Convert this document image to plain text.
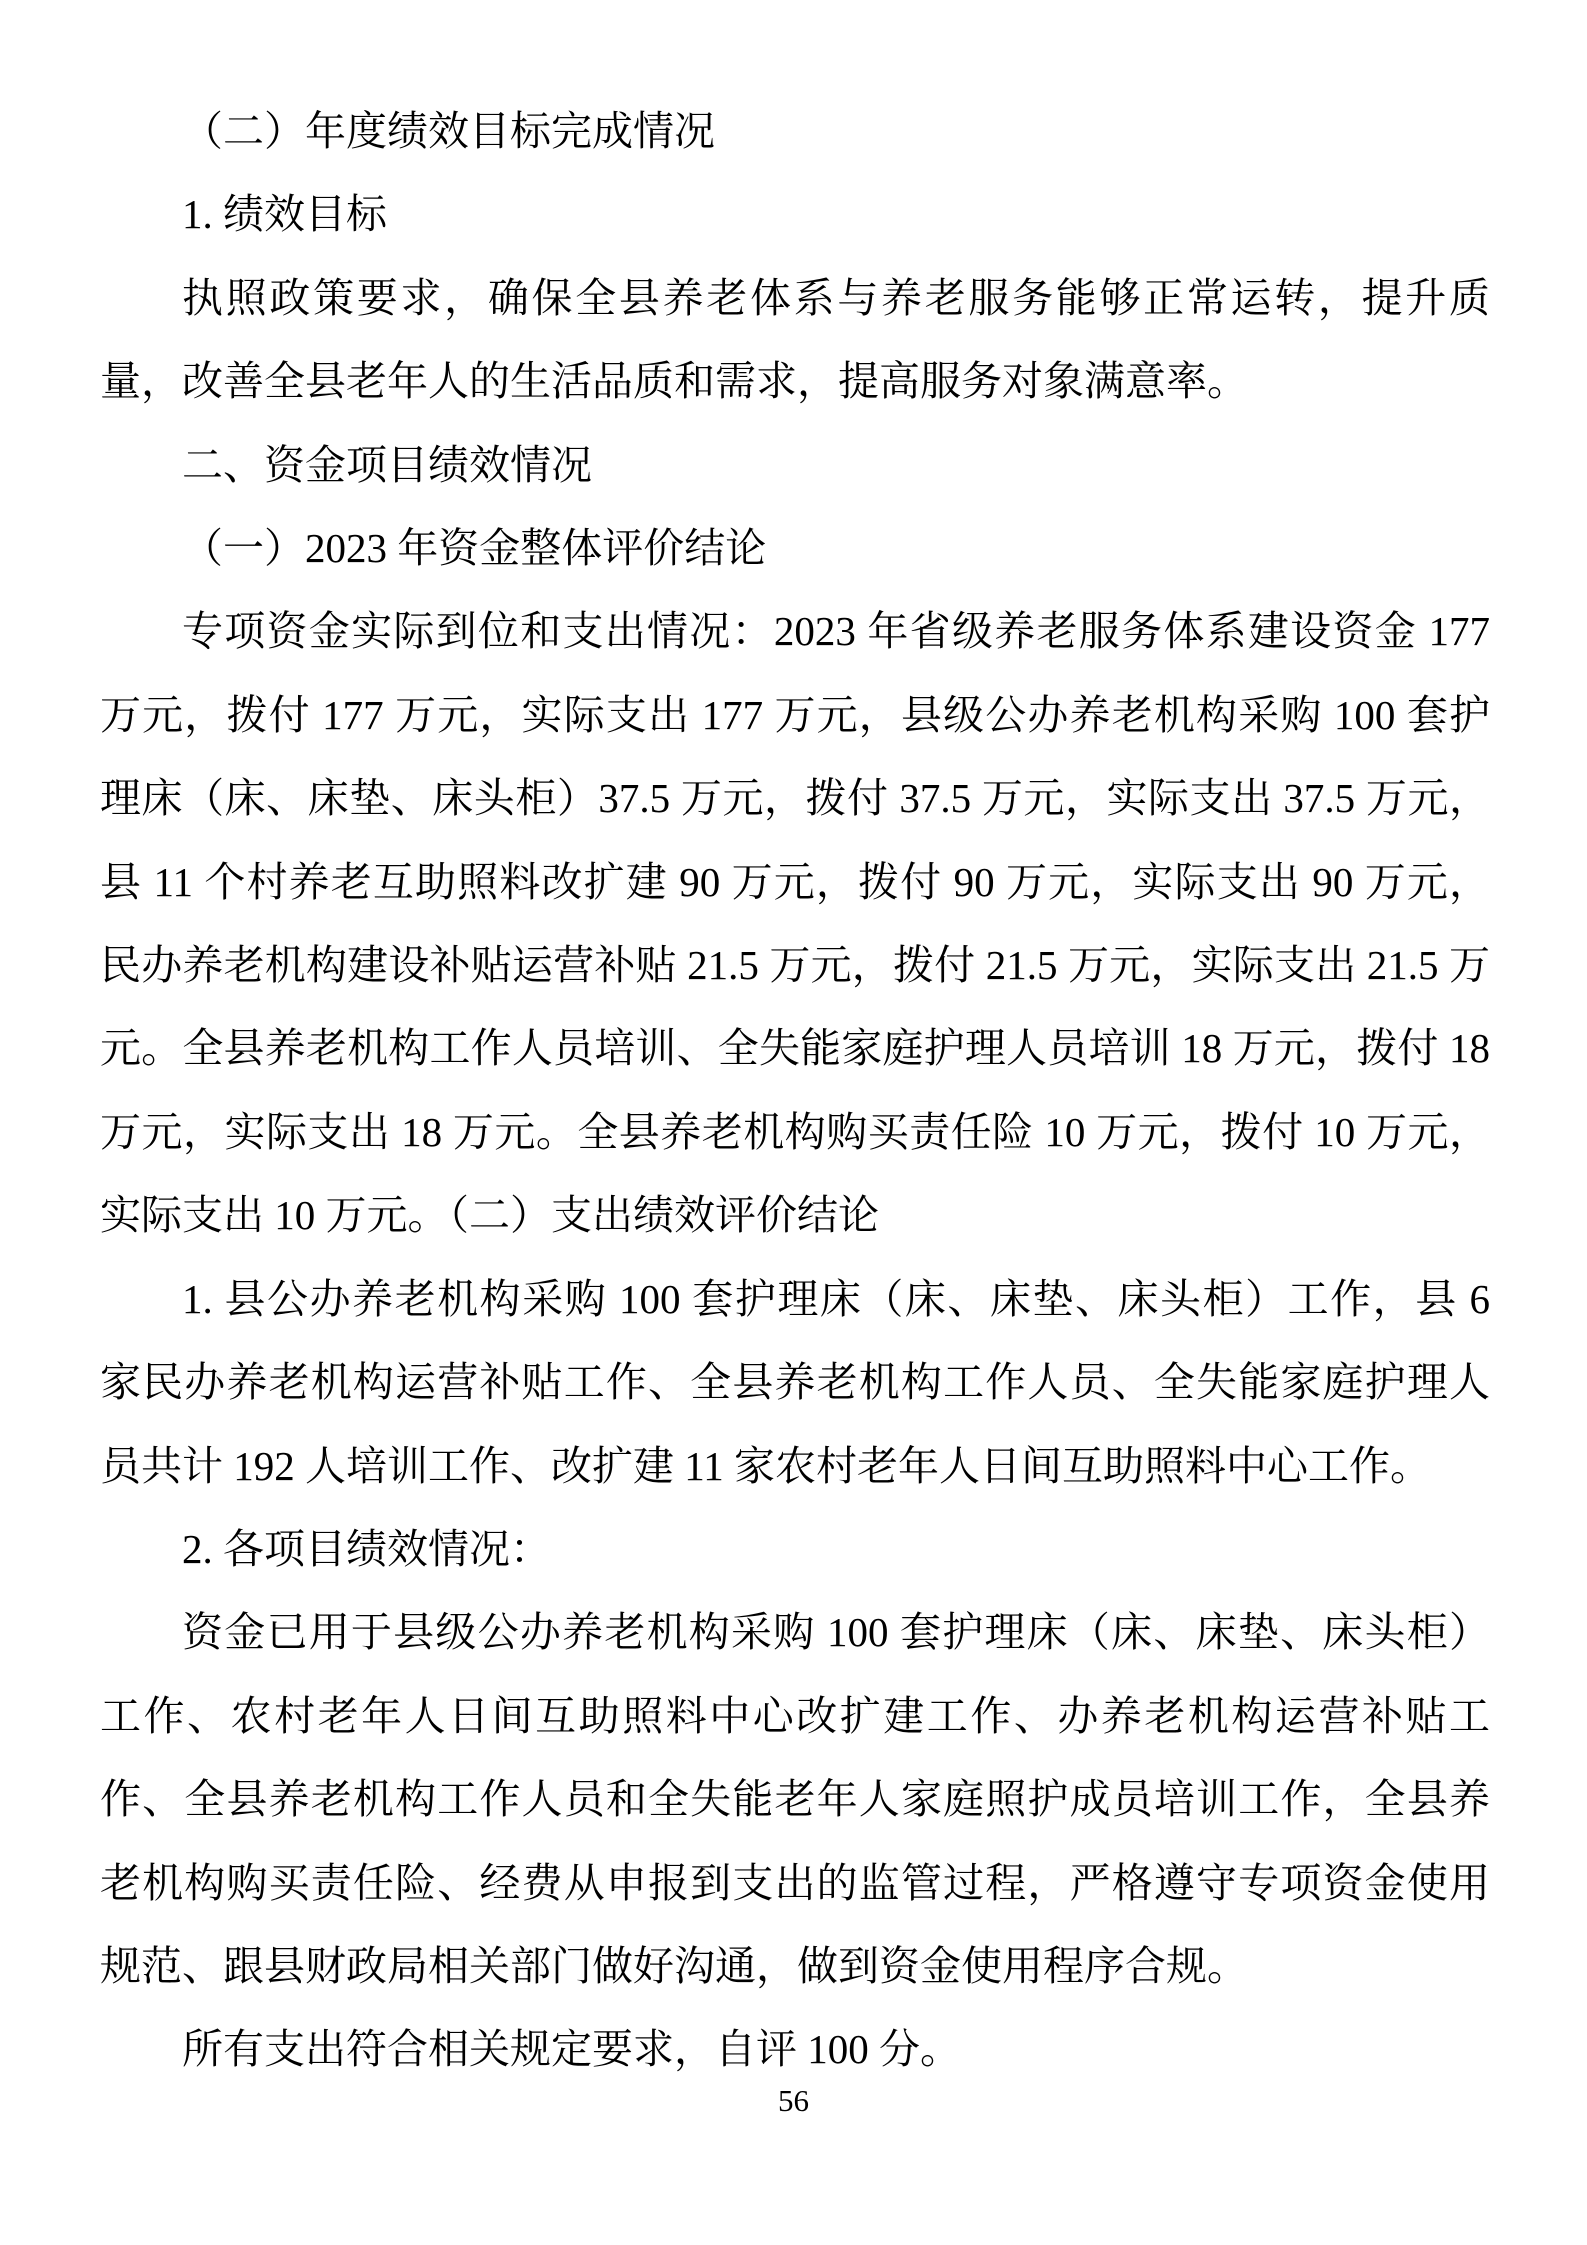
（二）年度绩效目标完成情况

1. 绩效目标

执照政策要求，确保全县养老体系与养老服务能够正常运转，提升质量，改善全县老年人的生活品质和需求，提高服务对象满意率。

二、资金项目绩效情况

（一）2023 年资金整体评价结论

专项资金实际到位和支出情况：2023 年省级养老服务体系建设资金 177 万元，拨付 177 万元，实际支出 177 万元，县级公办养老机构采购 100 套护理床（床、床垫、床头柜）37.5 万元，拨付 37.5 万元，实际支出 37.5 万元，县 11 个村养老互助照料改扩建 90 万元，拨付 90 万元，实际支出 90 万元，民办养老机构建设补贴运营补贴 21.5 万元，拨付 21.5 万元，实际支出 21.5 万元。全县养老机构工作人员培训、全失能家庭护理人员培训 18 万元，拨付 18 万元，实际支出 18 万元。全县养老机构购买责任险 10 万元，拨付 10 万元，实际支出 10 万元。（二）支出绩效评价结论

1. 县公办养老机构采购 100 套护理床（床、床垫、床头柜）工作，县 6 家民办养老机构运营补贴工作、全县养老机构工作人员、全失能家庭护理人员共计 192 人培训工作、改扩建 11 家农村老年人日间互助照料中心工作。

2. 各项目绩效情况：

资金已用于县级公办养老机构采购 100 套护理床（床、床垫、床头柜）工作、农村老年人日间互助照料中心改扩建工作、办养老机构运营补贴工作、全县养老机构工作人员和全失能老年人家庭照护成员培训工作，全县养老机构购买责任险、经费从申报到支出的监管过程，严格遵守专项资金使用规范、跟县财政局相关部门做好沟通，做到资金使用程序合规。

所有支出符合相关规定要求，自评 100 分。

56
